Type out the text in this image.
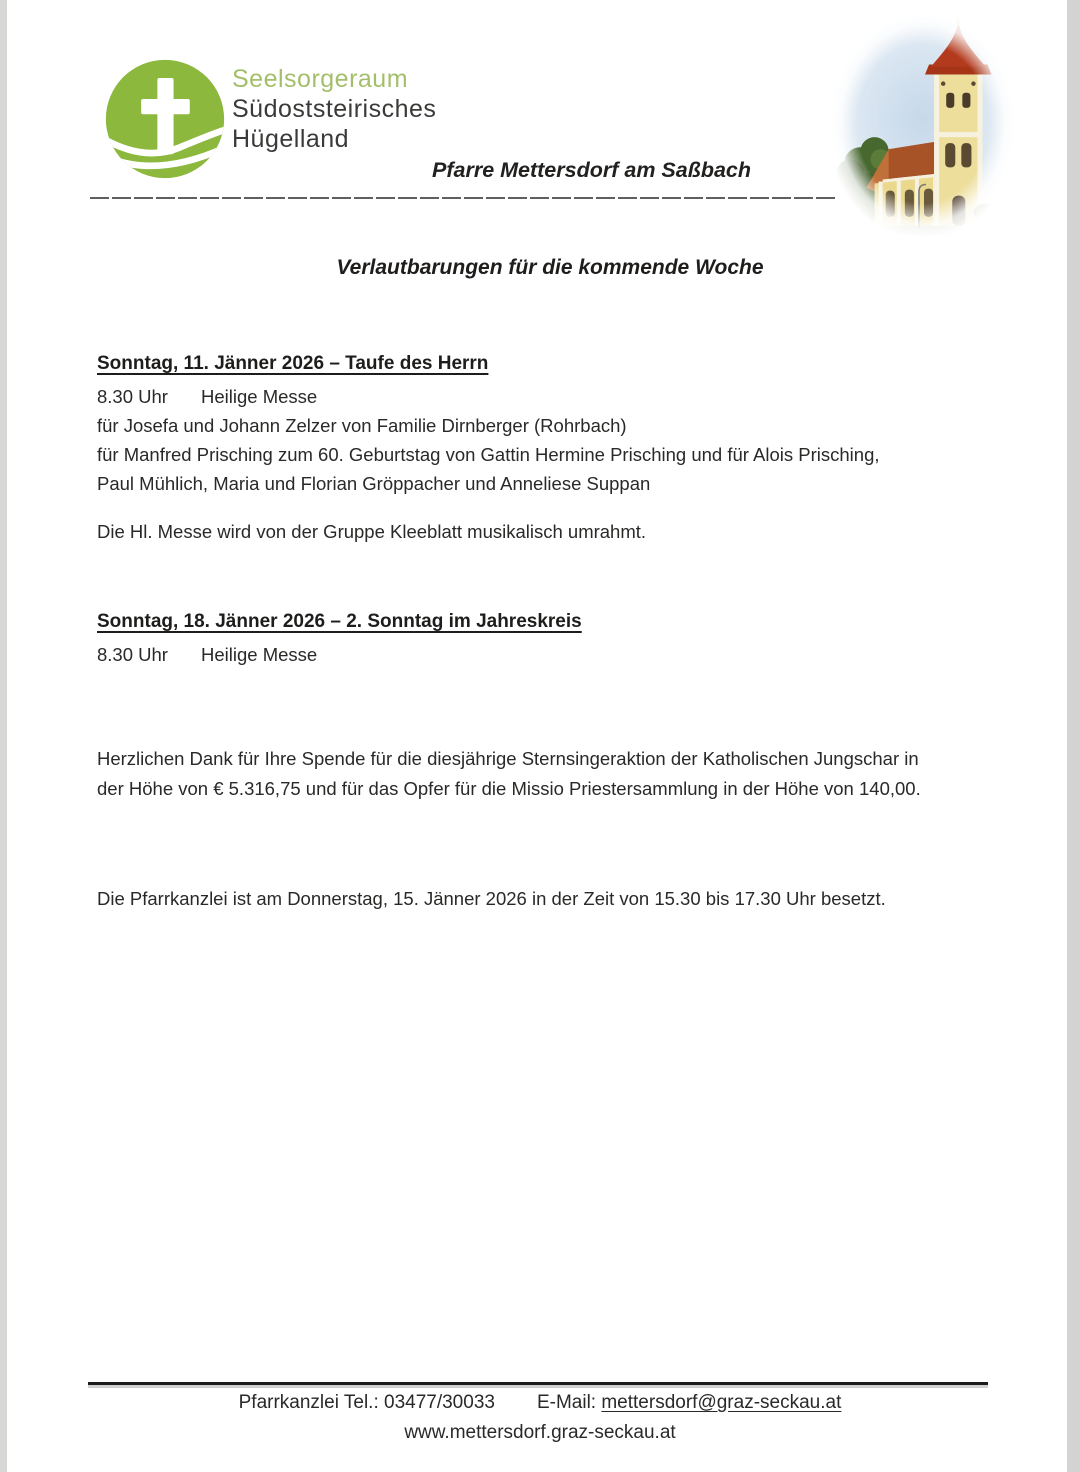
Seelsorgeraum
Südoststeirisches
Hügelland
Pfarre Mettersdorf am Saßbach
Verlautbarungen für die kommende Woche
Sonntag, 11. Jänner 2026 – Taufe des Herrn
8.30 Uhr Heilige Messe
für Josefa und Johann Zelzer von Familie Dirnberger (Rohrbach)
für Manfred Prisching zum 60. Geburtstag von Gattin Hermine Prisching und für Alois Prisching,
Paul Mühlich, Maria und Florian Gröppacher und Anneliese Suppan
Die Hl. Messe wird von der Gruppe Kleeblatt musikalisch umrahmt.
Sonntag, 18. Jänner 2026 – 2. Sonntag im Jahreskreis
8.30 Uhr Heilige Messe
Herzlichen Dank für Ihre Spende für die diesjährige Sternsingeraktion der Katholischen Jungschar in
der Höhe von € 5.316,75 und für das Opfer für die Missio Priestersammlung in der Höhe von 140,00.
Die Pfarrkanzlei ist am Donnerstag, 15. Jänner 2026 in der Zeit von 15.30 bis 17.30 Uhr besetzt.
Pfarrkanzlei Tel.: 03477/30033 E-Mail: mettersdorf@graz-seckau.at
www.mettersdorf.graz-seckau.at
